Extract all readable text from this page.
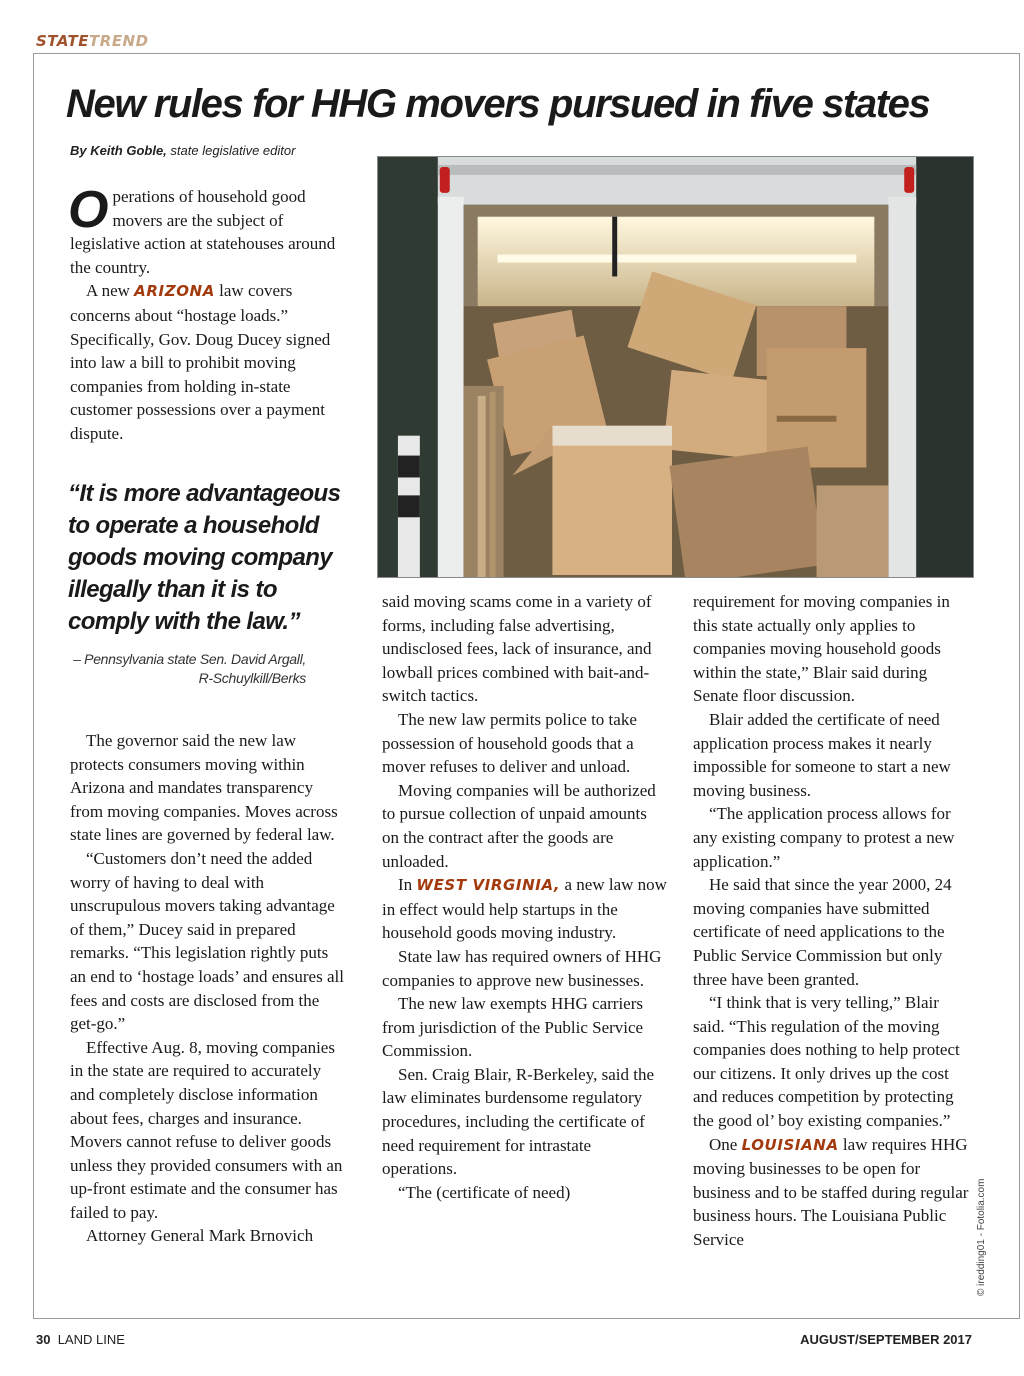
STATETREND
New rules for HHG movers pursued in five states
By Keith Goble, state legislative editor

Operations of household good movers are the subject of legislative action at statehouses around the country.

A new ARIZONA law covers concerns about “hostage loads.” Specifically, Gov. Doug Ducey signed into law a bill to prohibit moving companies from holding in-state customer possessions over a payment dispute.

“It is more advantageous to operate a household goods moving company illegally than it is to comply with the law.”

– Pennsylvania state Sen. David Argall,
R-Schuylkill/Berks

The governor said the new law protects consumers moving within Arizona and mandates transparency from moving companies. Moves across state lines are governed by federal law.

“Customers don’t need the added worry of having to deal with unscrupulous movers taking advantage of them,” Ducey said in prepared remarks. “This legislation rightly puts an end to ‘hostage loads’ and ensures all fees and costs are disclosed from the get-go.”

Effective Aug. 8, moving companies in the state are required to accurately and completely disclose information about fees, charges and insurance. Movers cannot refuse to deliver goods unless they provided consumers with an up-front estimate and the consumer has failed to pay.

Attorney General Mark Brnovich

said moving scams come in a variety of forms, including false advertising, undisclosed fees, lack of insurance, and lowball prices combined with bait-and-switch tactics.

The new law permits police to take possession of household goods that a mover refuses to deliver and unload.

Moving companies will be authorized to pursue collection of unpaid amounts on the contract after the goods are unloaded.

In WEST VIRGINIA, a new law now in effect would help startups in the household goods moving industry.

State law has required owners of HHG companies to approve new businesses.

The new law exempts HHG carriers from jurisdiction of the Public Service Commission.

Sen. Craig Blair, R-Berkeley, said the law eliminates burdensome regulatory procedures, including the certificate of need requirement for intrastate operations.

“The (certificate of need)

requirement for moving companies in this state actually only applies to companies moving household goods within the state,” Blair said during Senate floor discussion.

Blair added the certificate of need application process makes it nearly impossible for someone to start a new moving business.

“The application process allows for any existing company to protest a new application.”

He said that since the year 2000, 24 moving companies have submitted certificate of need applications to the Public Service Commission but only three have been granted.

“I think that is very telling,” Blair said. “This regulation of the moving companies does nothing to help protect our citizens. It only drives up the cost and reduces competition by protecting the good ol’ boy existing companies.”

One LOUISIANA law requires HHG moving businesses to be open for business and to be staffed during regular business hours. The Louisiana Public Service	© iredding01 - Fotolia.com
30 LAND LINE	AUGUST/SEPTEMBER 2017
